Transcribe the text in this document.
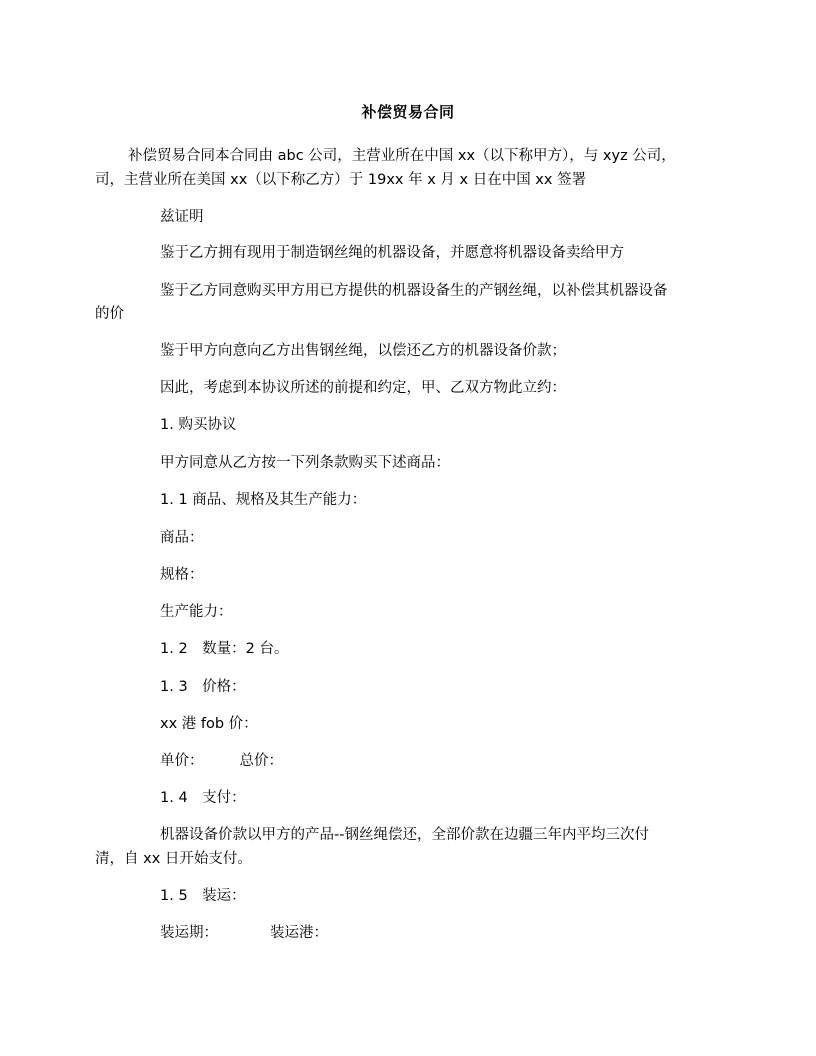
补偿贸易合同

补偿贸易合同本合同由 abc 公司，主营业所在中国 xx（以下称甲方），与 xyz 公司，

司，主营业所在美国 xx（以下称乙方）于 19xx 年 x 月 x 日在中国 xx 签署

兹证明

鉴于乙方拥有现用于制造钢丝绳的机器设备，并愿意将机器设备卖给甲方

鉴于乙方同意购买甲方用已方提供的机器设备生的产钢丝绳，以补偿其机器设备

的价

鉴于甲方向意向乙方出售钢丝绳，以偿还乙方的机器设备价款；

因此，考虑到本协议所述的前提和约定，甲、乙双方物此立约：

1. 购买协议

甲方同意从乙方按一下列条款购买下述商品：

1. 1 商品、规格及其生产能力：

商品：

规格：

生产能力：

1. 2　数量：2 台。

1. 3　价格：

xx 港 fob 价：

单价： 总价：

1. 4　支付：

机器设备价款以甲方的产品--钢丝绳偿还，全部价款在边疆三年内平均三次付

清，自 xx 日开始支付。

1. 5　装运：

装运期：	装运港：
